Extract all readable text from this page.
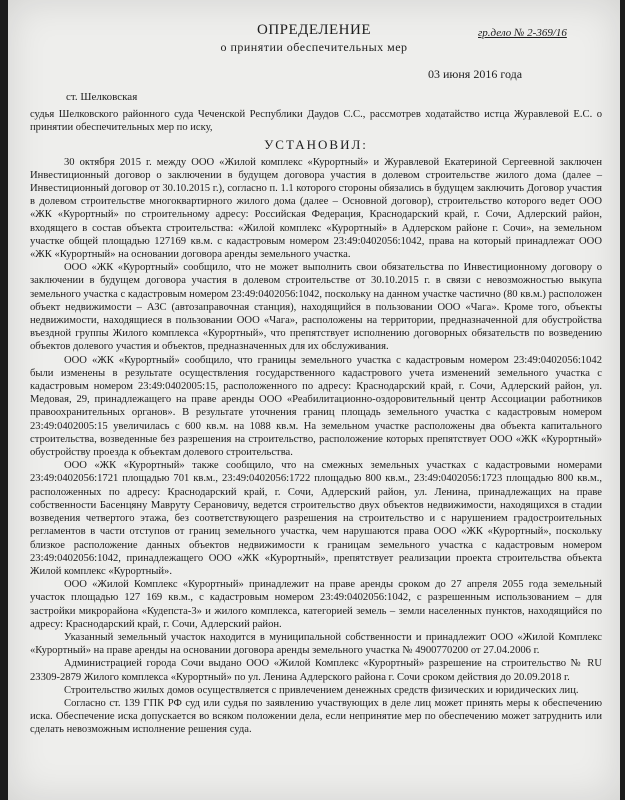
ОПРЕДЕЛЕНИЕ
о принятии обеспечительных мер
гр.дело № 2-369/16
03 июня 2016 года
ст. Шелковская

судья Шелковского районного суда Чеченской Республики Даудов С.С., рассмотрев ходатайство истца Журавлевой Е.С. о принятии обеспечительных мер по иску,

УСТАНОВИЛ:

30 октября 2015 г. между ООО «Жилой комплекс «Курортный» и Журавлевой Екатериной Сергеевной заключен Инвестиционный договор о заключении в будущем договора участия в долевом строительстве жилого дома (далее – Инвестиционный договор от 30.10.2015 г.), согласно п. 1.1 которого стороны обязались в будущем заключить Договор участия в долевом строительстве многоквартирного жилого дома (далее – Основной договор), строительство которого ведет ООО «ЖК «Курортный» по строительному адресу: Российская Федерация, Краснодарский край, г. Сочи, Адлерский район, входящего в состав объекта строительства: «Жилой комплекс «Курортный» в Адлерском районе г. Сочи», на земельном участке общей площадью 127169 кв.м. с кадастровым номером 23:49:0402056:1042, права на который принадлежат ООО «ЖК «Курортный» на основании договора аренды земельного участка.

ООО «ЖК «Курортный» сообщило, что не может выполнить свои обязательства по Инвестиционному договору о заключении в будущем договора участия в долевом строительстве от 30.10.2015 г. в связи с невозможностью выкупа земельного участка с кадастровым номером 23:49:0402056:1042, поскольку на данном участке частично (80 кв.м.) расположен объект недвижимости – АЗС (автозаправочная станция), находящийся в пользовании ООО «Чага». Кроме того, объекты недвижимости, находящиеся в пользовании ООО «Чага», расположены на территории, предназначенной для обустройства въездной группы Жилого комплекса «Курортный», что препятствует исполнению договорных обязательств по возведению объектов долевого участия и объектов, предназначенных для их обслуживания.

ООО «ЖК «Курортный» сообщило, что границы земельного участка с кадастровым номером 23:49:0402056:1042 были изменены в результате осуществления государственного кадастрового учета изменений земельного участка с кадастровым номером 23:49:0402005:15, расположенного по адресу: Краснодарский край, г. Сочи, Адлерский район, ул. Медовая, 29, принадлежащего на праве аренды ООО «Реабилитационно-оздоровительный центр Ассоциации работников правоохранительных органов». В результате уточнения границ площадь земельного участка с кадастровым номером 23:49:0402005:15 увеличилась с 600 кв.м. на 1088 кв.м. На земельном участке расположены два объекта капитального строительства, возведенные без разрешения на строительство, расположение которых препятствует ООО «ЖК «Курортный» обустройству проезда к объектам долевого строительства.

ООО «ЖК «Курортный» также сообщило, что на смежных земельных участках с кадастровыми номерами 23:49:0402056:1721 площадью 701 кв.м., 23:49:0402056:1722 площадью 800 кв.м., 23:49:0402056:1723 площадью 800 кв.м., расположенных по адресу: Краснодарский край, г. Сочи, Адлерский район, ул. Ленина, принадлежащих на праве собственности Басенцяну Мавруту Серановичу, ведется строительство двух объектов недвижимости, находящихся в стадии возведения четвертого этажа, без соответствующего разрешения на строительство и с нарушением градостроительных регламентов в части отступов от границ земельного участка, чем нарушаются права ООО «ЖК «Курортный», поскольку близкое расположение данных объектов недвижимости к границам земельного участка с кадастровым номером 23:49:0402056:1042, принадлежащего ООО «ЖК «Курортный», препятствует реализации проекта строительства объекта Жилой комплекс «Курортный».

ООО «Жилой Комплекс «Курортный» принадлежит на праве аренды сроком до 27 апреля 2055 года земельный участок площадью 127 169 кв.м., с кадастровым номером 23:49:0402056:1042, с разрешенным использованием – для застройки микрорайона «Кудепста-3» и жилого комплекса, категорией земель – земли населенных пунктов, находящийся по адресу: Краснодарский край, г. Сочи, Адлерский район.

Указанный земельный участок находится в муниципальной собственности и принадлежит ООО «Жилой Комплекс «Курортный» на праве аренды на основании договора аренды земельного участка № 4900770200 от 27.04.2006 г.

Администрацией города Сочи выдано ООО «Жилой Комплекс «Курортный» разрешение на строительство № RU 23309-2879 Жилого комплекса «Курортный» по ул. Ленина Адлерского района г. Сочи сроком действия до 20.09.2018 г.

Строительство жилых домов осуществляется с привлечением денежных средств физических и юридических лиц.

Согласно ст. 139 ГПК РФ суд или судья по заявлению участвующих в деле лиц может принять меры к обеспечению иска. Обеспечение иска допускается во всяком положении дела, если непринятие мер по обеспечению может затруднить или сделать невозможным исполнение решения суда.
